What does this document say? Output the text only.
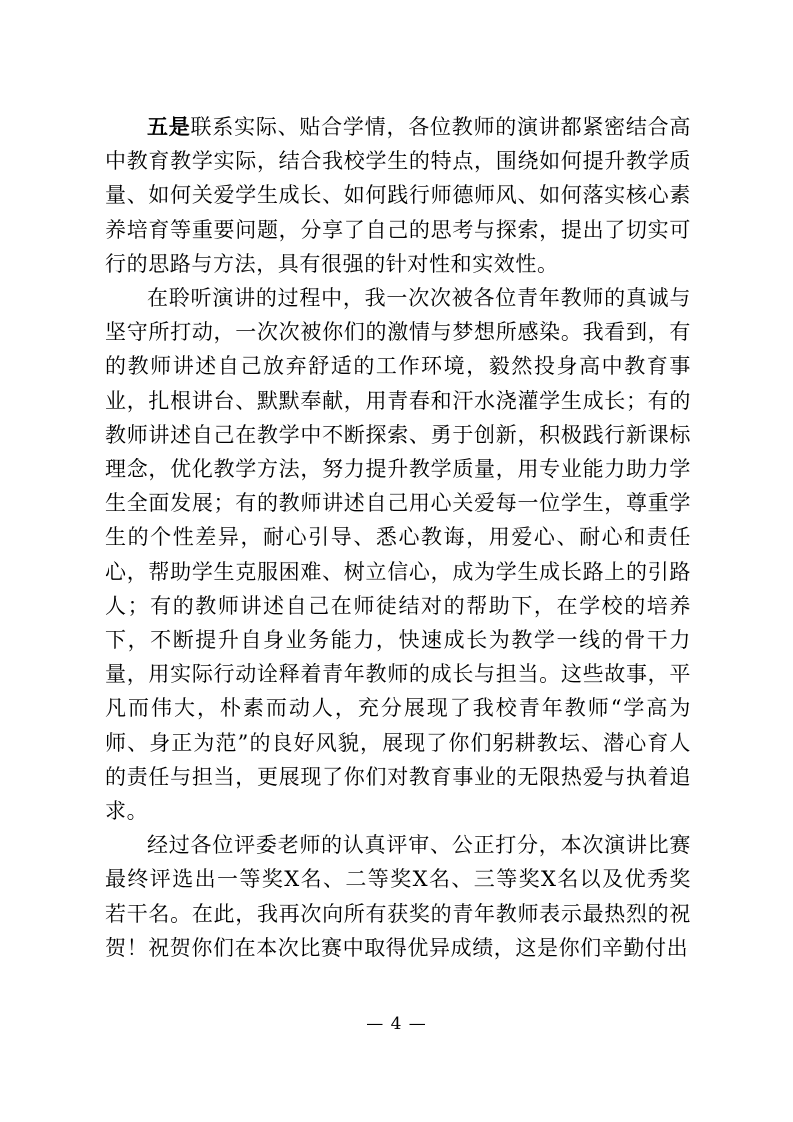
五是联系实际、贴合学情，各位教师的演讲都紧密结合高中教育教学实际，结合我校学生的特点，围绕如何提升教学质量、如何关爱学生成长、如何践行师德师风、如何落实核心素养培育等重要问题，分享了自己的思考与探索，提出了切实可行的思路与方法，具有很强的针对性和实效性。

在聆听演讲的过程中，我一次次被各位青年教师的真诚与坚守所打动，一次次被你们的激情与梦想所感染。我看到，有的教师讲述自己放弃舒适的工作环境，毅然投身高中教育事业，扎根讲台、默默奉献，用青春和汗水浇灌学生成长；有的教师讲述自己在教学中不断探索、勇于创新，积极践行新课标理念，优化教学方法，努力提升教学质量，用专业能力助力学生全面发展；有的教师讲述自己用心关爱每一位学生，尊重学生的个性差异，耐心引导、悉心教诲，用爱心、耐心和责任心，帮助学生克服困难、树立信心，成为学生成长路上的引路人；有的教师讲述自己在师徒结对的帮助下，在学校的培养下，不断提升自身业务能力，快速成长为教学一线的骨干力量，用实际行动诠释着青年教师的成长与担当。这些故事，平凡而伟大，朴素而动人，充分展现了我校青年教师“学高为师、身正为范”的良好风貌，展现了你们躬耕教坛、潜心育人的责任与担当，更展现了你们对教育事业的无限热爱与执着追求。

经过各位评委老师的认真评审、公正打分，本次演讲比赛最终评选出一等奖X名、二等奖X名、三等奖X名以及优秀奖若干名。在此，我再次向所有获奖的青年教师表示最热烈的祝贺！祝贺你们在本次比赛中取得优异成绩，这是你们辛勤付出

— 4 —
